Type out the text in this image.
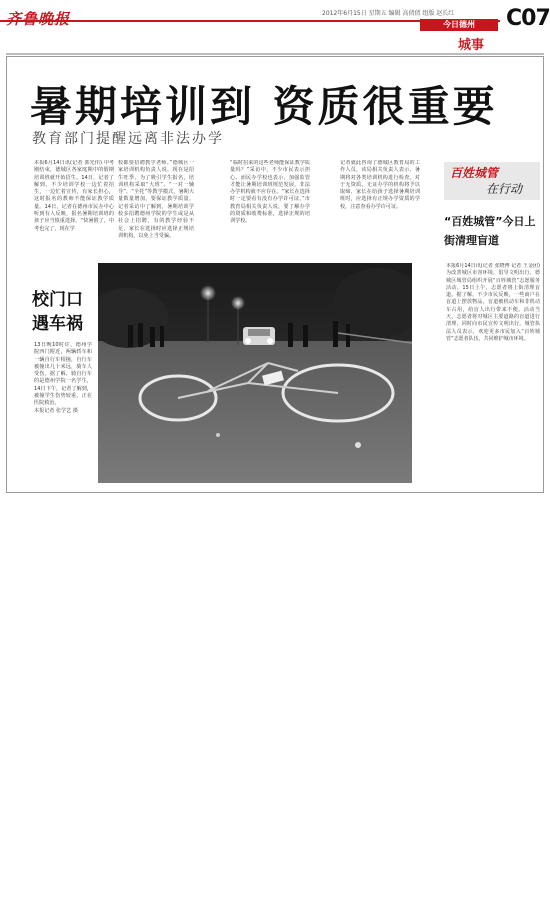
齐鲁晚报	2012年6月15日 星期五 编辑 高倩倩 组版 赵长红
今日德州
城事
C07
暑期培训到 资质很重要
教育部门提醒远离非法办学
本报6月14日讯(记者 郭光伟) 中考刚结束，德城区各家庭期中的假期培训班就开始招生。14日，记者了解到，不少培训学校一边忙着招生，一边忙着宣传，有家长担心，这时报名的教师不能保证教学质量。14日，记者在德州市民办中心听到有人反映，报名暑期培训班的孩子应当慎重选择。“快暑假了，中考也完了，现在学
校都要招聘教学老师。”德城区一家培训机构负责人说，现在是招生旺季，为了吸引学生报名，培训机构采取“大班”、“一对一辅导”、“全托”等教学模式，暑期大量数量增加，要保证教学质量。记者采访中了解到，暑期培训学校多招聘德州学院的学生或是从社会上招聘，有的教学经验不足，家长在选择时应选择正规培训机构，以免上当受骗。
“临时招来的这些老师能保证教学质量吗？”采访中，不少市民表示担心。而民办学校也表示，加强监管才能让暑期培训班规范发展，非法办学机构就不应存在。“家长在选择时一定要看有没有办学许可证，”市教育局相关负责人说，要了解办学的资质和收费标准，选择正规的培训学校。
记者就此咨询了德城区教育局的工作人员，该局相关负责人表示，暑期将对各类培训机构进行检查。对于无资质、无证办学的机构将予以取缔，家长在给孩子选择暑期培训班时，应选择有正规办学资质的学校，注意查看办学许可证。
校门口遇车祸
13日晚10时许，德州学院西门附近，两辆轿车和一辆自行车相撞，自行车被撞出几十米远，骑车人受伤。据了解，骑自行车的是德州学院一名学生，14日下午，记者了解到，被撞学生伤势较重，正在医院救治。
本报记者 张学艺 摄
百姓城管
在行动
“百姓城管”今日上街清理盲道
本报6月14日讯(记者 张晓博 记者 王金团) 为改善城区市容环境，倡导文明出行，德城区城管局组织开展“百姓城管”志愿服务活动，15日上午，志愿者将上街清理盲道。据了解，不少市民反映，一些商户在盲道上摆放物品，盲道被机动车和非机动车占用，给盲人出行带来不便。活动当天，志愿者将对城区主要道路的盲道进行清理，同时向市民宣传文明出行。城管执法人员表示，欢迎更多市民加入“百姓城管”志愿者队伍，共同维护城市环境。
